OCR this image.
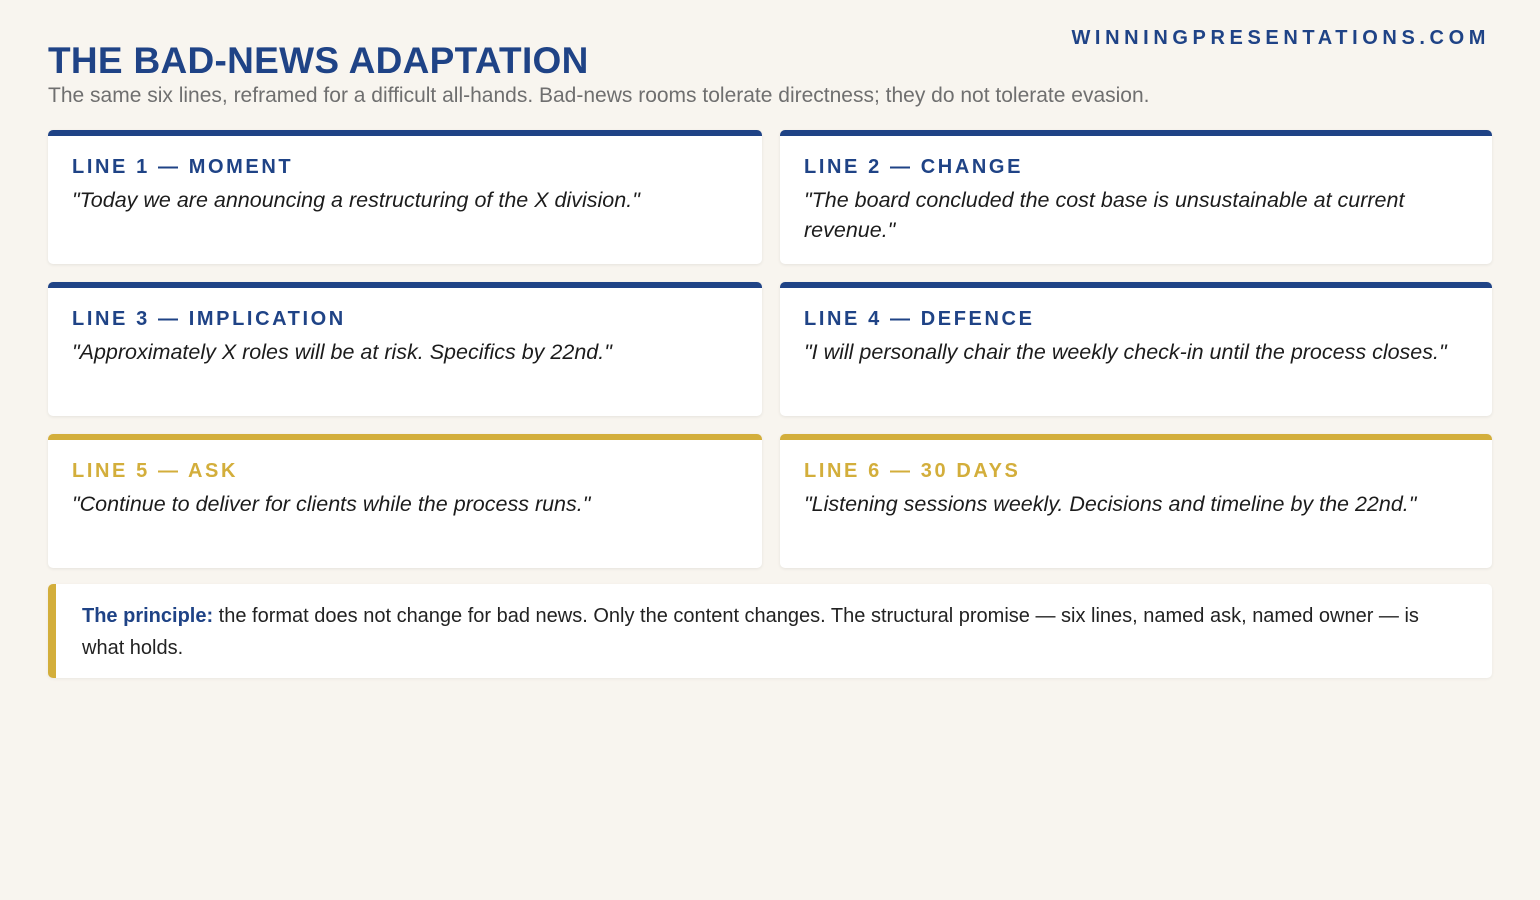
WINNINGPRESENTATIONS.COM
THE BAD-NEWS ADAPTATION

The same six lines, reframed for a difficult all-hands. Bad-news rooms tolerate directness; they do not tolerate evasion.

LINE 1 — MOMENT

"Today we are announcing a restructuring of the X division."

LINE 2 — CHANGE

"The board concluded the cost base is unsustainable at current revenue."

LINE 3 — IMPLICATION

"Approximately X roles will be at risk. Specifics by 22nd."

LINE 4 — DEFENCE

"I will personally chair the weekly check-in until the process closes."

LINE 5 — ASK

"Continue to deliver for clients while the process runs."

LINE 6 — 30 DAYS

"Listening sessions weekly. Decisions and timeline by the 22nd."

The principle: the format does not change for bad news. Only the content changes. The structural promise — six lines, named ask, named owner — is what holds.
